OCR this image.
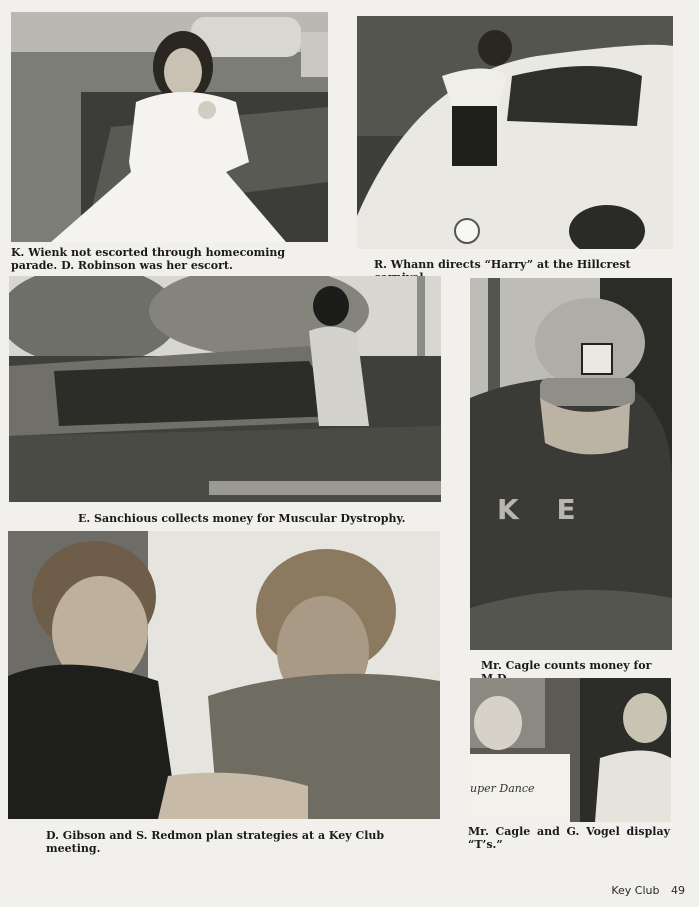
K. Wienk not escorted through homecoming parade. D. Robinson was her escort.	R. Whann directs “Harry” at the Hillcrest
E. Sanchious collects money for Muscular Dystrophy.
Mr. Cagle counts money for
D. Gibson and S. Redmon plan strategies at a Key Club meeting.
Mr. Cagle and G. Vogel display “T’s.”
K E
uper Dance
Key Club 49
